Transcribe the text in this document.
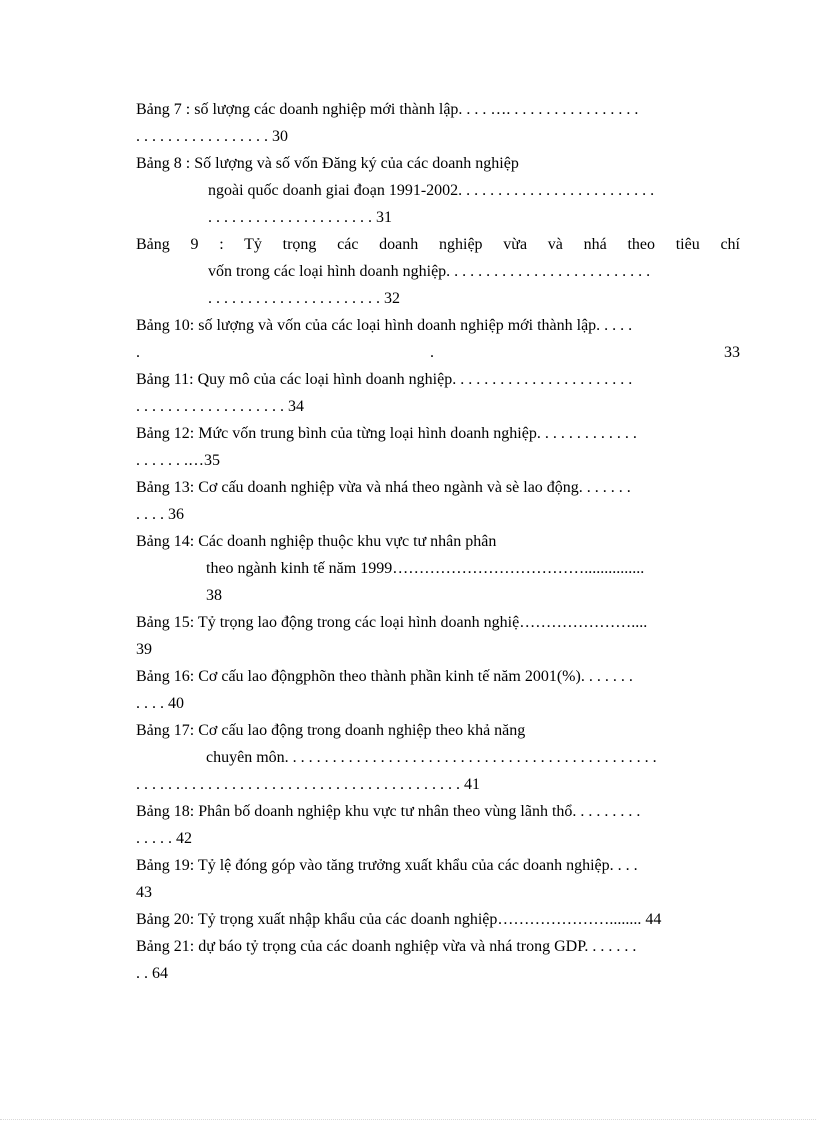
Bảng 7 : số lượng các doanh nghiệp mới thành lập. . . . …. . . . . . . . . . . . . . . . .
. . . . . . . . . . . . . . . . . 30
Bảng 8 : Số lượng và số vốn Đăng ký của các doanh nghiệp
ngoài quốc doanh giai đoạn 1991-2002. . . . . . . . . . . . . . . . . . . . . . . . .
. . . . . . . . . . . . . . . . . . . . . 31
Bảng 9 : Tỷ trọng các doanh nghiệp vừa và nhá theo tiêu chí
vốn trong các loại hình doanh nghiệp. . . . . . . . . . . . . . . . . . . . . . . . . .
. . . . . . . . . . . . . . . . . . . . . . 32
Bảng 10: số lượng và vốn của các loại hình doanh nghiệp mới thành lập. . . . .
.	.	33
Bảng 11: Quy mô của các loại hình doanh nghiệp. . . . . . . . . . . . . . . . . . . . . . .
. . . . . . . . . . . . . . . . . . . 34
Bảng 12: Mức vốn trung bình của từng loại hình doanh nghiệp. . . . . . . . . . . . .
. . . . . . .…35
Bảng 13: Cơ cấu doanh nghiệp vừa và nhá theo ngành và sè lao động. . . . . . .
. . . . 36
Bảng 14: Các doanh nghiệp thuộc khu vực tư nhân phân
theo ngành kinh tế năm 1999………………………………...............
38
Bảng 15: Tỷ trọng lao động trong các loại hình doanh nghiệ…………………....
39
Bảng 16: Cơ cấu lao độngphõn theo thành phần kinh tế năm 2001(%). . . . . . .
. . . . 40
Bảng 17: Cơ cấu lao động trong doanh nghiệp theo khả năng
chuyên môn. . . . . . . . . . . . . . . . . . . . . . . . . . . . . . . . . . . . . . . . . . . . . . .
. . . . . . . . . . . . . . . . . . . . . . . . . . . . . . . . . . . . . . . . . 41
Bảng 18: Phân bố doanh nghiệp khu vực tư nhân theo vùng lãnh thổ. . . . . . . . .
. . . . . 42
Bảng 19: Tỷ lệ đóng góp vào tăng trưởng xuất khẩu của các doanh nghiệp. . . .
43
Bảng 20: Tỷ trọng xuất nhập khẩu của các doanh nghiệp…………………........ 44
Bảng 21: dự báo tỷ trọng của các doanh nghiệp vừa và nhá trong GDP. . . . . . .
. . 64
